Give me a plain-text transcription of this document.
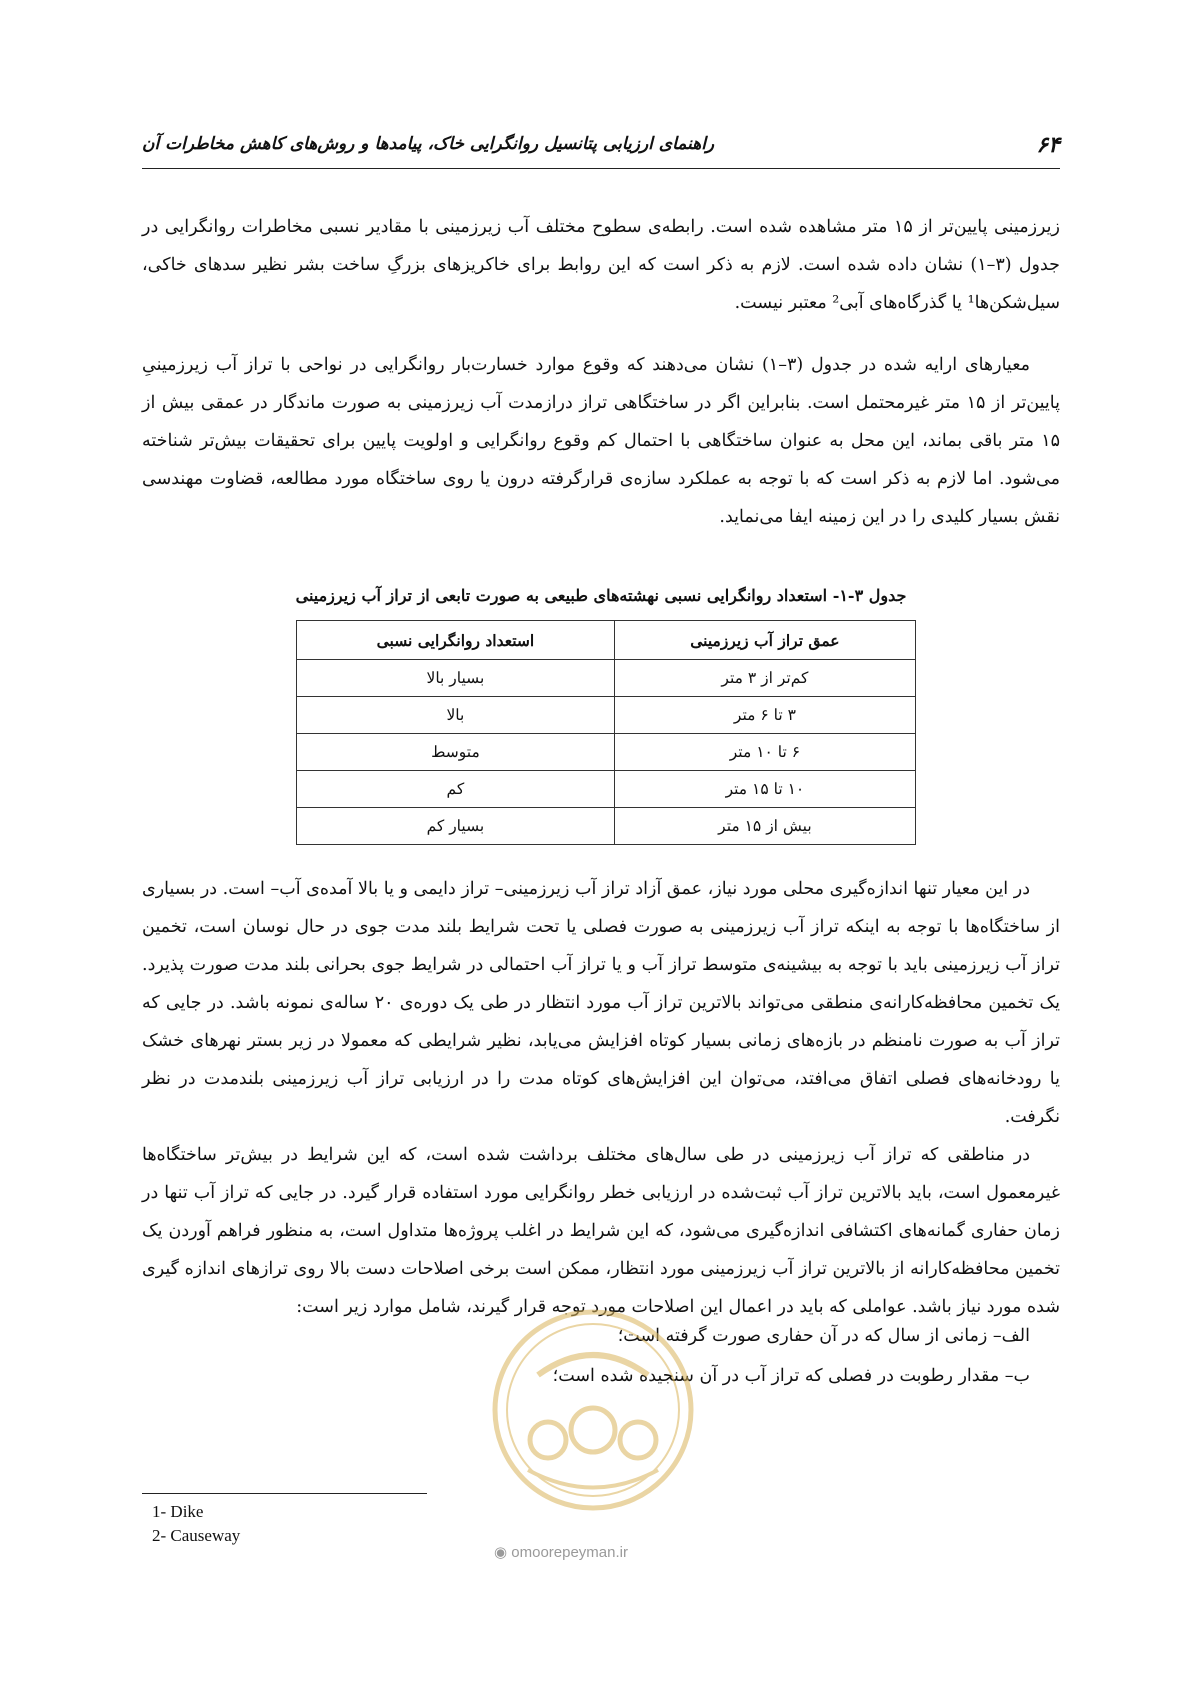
۶۴
راهنمای ارزیابی پتانسیل روانگرایی خاک، پیامدها و روش‌های کاهش مخاطرات آن

زیرزمینی پایین‌تر از ۱۵ متر مشاهده شده است. رابطه‌ی سطوح مختلف آب زیرزمینی با مقادیر نسبی مخاطرات روانگرایی در جدول (۳–۱) نشان داده شده است. لازم به ذکر است که این روابط برای خاکریزهای بزرگِ ساخت بشر نظیر سدهای خاکی، سیل‌شکن‌ها¹ یا گذرگاه‌های آبی² معتبر نیست.

معیارهای ارایه شده در جدول (۳–۱) نشان می‌دهند که وقوع موارد خسارت‌بار روانگرایی در نواحی با تراز آب زیرزمینیِ پایین‌تر از ۱۵ متر غیرمحتمل است. بنابراین اگر در ساختگاهی تراز درازمدت آب زیرزمینی به صورت ماندگار در عمقی بیش از ۱۵ متر باقی بماند، این محل به عنوان ساختگاهی با احتمال کم وقوع روانگرایی و اولویت پایین برای تحقیقات بیش‌تر شناخته می‌شود. اما لازم به ذکر است که با توجه به عملکرد سازه‌ی قرارگرفته درون یا روی ساختگاه مورد مطالعه، قضاوت مهندسی نقش بسیار کلیدی را در این زمینه ایفا می‌نماید.

جدول ۳-۱- استعداد روانگرایی نسبی نهشته‌های طبیعی به صورت تابعی از تراز آب زیرزمینی
عمق تراز آب زیرزمینی	استعداد روانگرایی نسبی
کم‌تر از ۳ متر	بسیار بالا
۳ تا ۶ متر	بالا
۶ تا ۱۰ متر	متوسط
۱۰ تا ۱۵ متر	کم
بیش از ۱۵ متر	بسیار کم

در این معیار تنها اندازه‌گیری محلی مورد نیاز، عمق آزاد تراز آب زیرزمینی– تراز دایمی و یا بالا آمده‌ی آب– است. در بسیاری از ساختگاه‌ها با توجه به اینکه تراز آب زیرزمینی به صورت فصلی یا تحت شرایط بلند مدت جوی در حال نوسان است، تخمین تراز آب زیرزمینی باید با توجه به بیشینه‌ی متوسط تراز آب و یا تراز آب احتمالی در شرایط جوی بحرانی بلند مدت صورت پذیرد. یک تخمین محافظه‌کارانه‌ی منطقی می‌تواند بالاترین تراز آب مورد انتظار در طی یک دوره‌ی ۲۰ ساله‌ی نمونه باشد. در جایی که تراز آب به صورت نامنظم در بازه‌های زمانی بسیار کوتاه افزایش می‌یابد، نظیر شرایطی که معمولا در زیر بستر نهرهای خشک یا رودخانه‌های فصلی اتفاق می‌افتد، می‌توان این افزایش‌های کوتاه مدت را در ارزیابی تراز آب زیرزمینی بلندمدت در نظر نگرفت.

در مناطقی که تراز آب زیرزمینی در طی سال‌های مختلف برداشت شده است، که این شرایط در بیش‌تر ساختگاه‌ها غیرمعمول است، باید بالاترین تراز آب ثبت‌شده در ارزیابی خطر روانگرایی مورد استفاده قرار گیرد. در جایی که تراز آب تنها در زمان حفاری گمانه‌های اکتشافی اندازه‌گیری می‌شود، که این شرایط در اغلب پروژه‌ها متداول است، به منظور فراهم آوردن یک تخمین محافظه‌کارانه از بالاترین تراز آب زیرزمینی مورد انتظار، ممکن است برخی اصلاحات دست بالا روی ترازهای اندازه گیری شده مورد نیاز باشد. عواملی که باید در اعمال این اصلاحات مورد توجه قرار گیرند، شامل موارد زیر است:

الف– زمانی از سال که در آن حفاری صورت گرفته است؛
ب– مقدار رطوبت در فصلی که تراز آب در آن سنجیده شده است؛
◉ omoorepeyman.ir
1- Dike
2- Causeway
